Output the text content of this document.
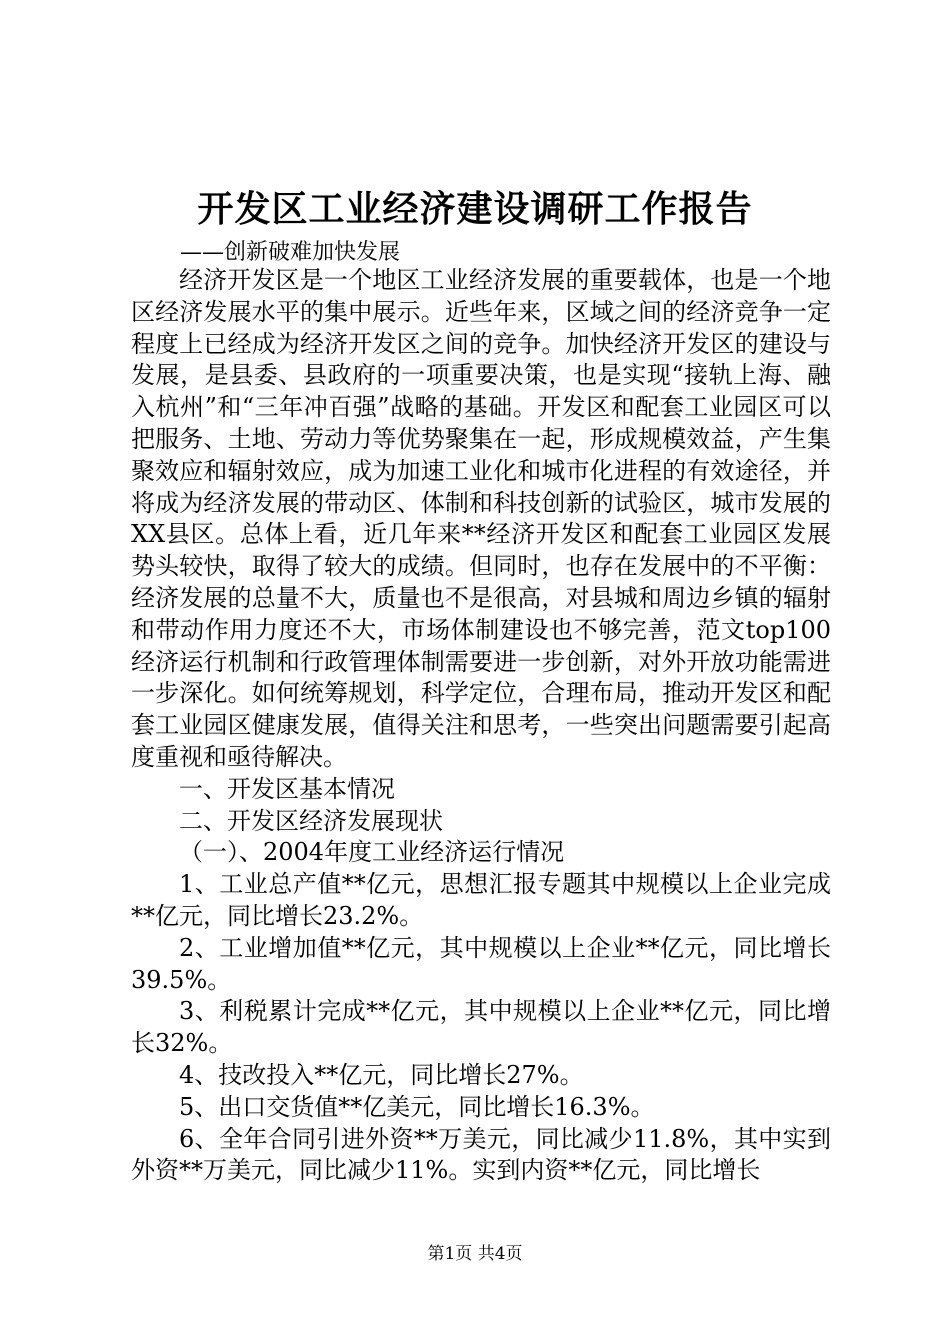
开发区工业经济建设调研工作报告
——创新破难加快发展

经济开发区是一个地区工业经济发展的重要载体，也是一个地区经济发展水平的集中展示。近些年来，区域之间的经济竞争一定程度上已经成为经济开发区之间的竞争。加快经济开发区的建设与发展，是县委、县政府的一项重要决策，也是实现“接轨上海、融入杭州”和“三年冲百强”战略的基础。开发区和配套工业园区可以把服务、土地、劳动力等优势聚集在一起，形成规模效益，产生集聚效应和辐射效应，成为加速工业化和城市化进程的有效途径，并将成为经济发展的带动区、体制和科技创新的试验区，城市发展的XX县区。总体上看，近几年来**经济开发区和配套工业园区发展势头较快，取得了较大的成绩。但同时，也存在发展中的不平衡：经济发展的总量不大，质量也不是很高，对县城和周边乡镇的辐射和带动作用力度还不大，市场体制建设也不够完善，范文top100经济运行机制和行政管理体制需要进一步创新，对外开放功能需进一步深化。如何统筹规划，科学定位，合理布局，推动开发区和配套工业园区健康发展，值得关注和思考，一些突出问题需要引起高度重视和亟待解决。

一、开发区基本情况

二、开发区经济发展现状

（一）、2004年度工业经济运行情况

1、工业总产值**亿元，思想汇报专题其中规模以上企业完成**亿元，同比增长23.2%。

2、工业增加值**亿元，其中规模以上企业**亿元，同比增长39.5%。

3、利税累计完成**亿元，其中规模以上企业**亿元，同比增长32%。

4、技改投入**亿元，同比增长27%。

5、出口交货值**亿美元，同比增长16.3%。

6、全年合同引进外资**万美元，同比减少11.8%，其中实到外资**万美元，同比减少11%。实到内资**亿元，同比增长

第1页 共4页
